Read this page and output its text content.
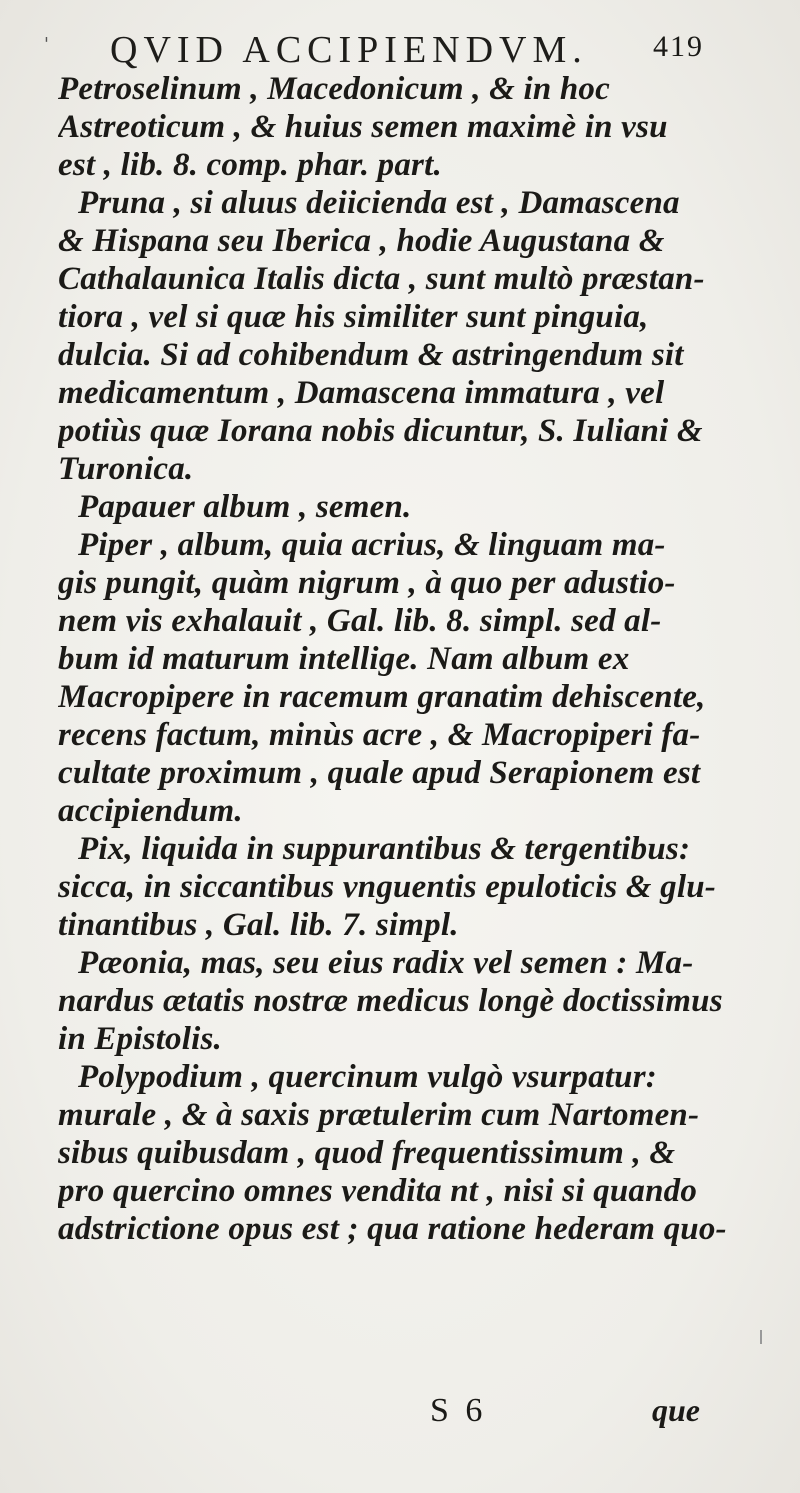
' QVID ACCIPIENDVM. 419
Petroselinum , Macedonicum , & in hoc
Astreoticum , & huius semen maximè in vsu
est , lib. 8. comp. phar. part.
Pruna , si aluus deiicienda est , Damascena
& Hispana seu Iberica , hodie Augustana &
Cathalaunica Italis dicta , sunt multò præstan-
tiora , vel si quæ his similiter sunt pinguia,
dulcia. Si ad cohibendum & astringendum sit
medicamentum , Damascena immatura , vel
potiùs quæ Iorana nobis dicuntur, S. Iuliani &
Turonica.
Papauer album , semen.
Piper , album, quia acrius, & linguam ma-
gis pungit, quàm nigrum , à quo per adustio-
nem vis exhalauit , Gal. lib. 8. simpl. sed al-
bum id maturum intellige. Nam album ex
Macropipere in racemum granatim dehiscente,
recens factum, minùs acre , & Macropiperi fa-
cultate proximum , quale apud Serapionem est
accipiendum.
Pix, liquida in suppurantibus & tergentibus:
sicca, in siccantibus vnguentis epuloticis & glu-
tinantibus , Gal. lib. 7. simpl.
Pæonia, mas, seu eius radix vel semen : Ma-
nardus ætatis nostræ medicus longè doctissimus
in Epistolis.
Polypodium , quercinum vulgò vsurpatur:
murale , & à saxis prætulerim cum Nartomen-
sibus quibusdam , quod frequentissimum , &
pro quercino omnes vendita nt , nisi si quando
adstrictione opus est ; qua ratione hederam quo-
S 6	que
